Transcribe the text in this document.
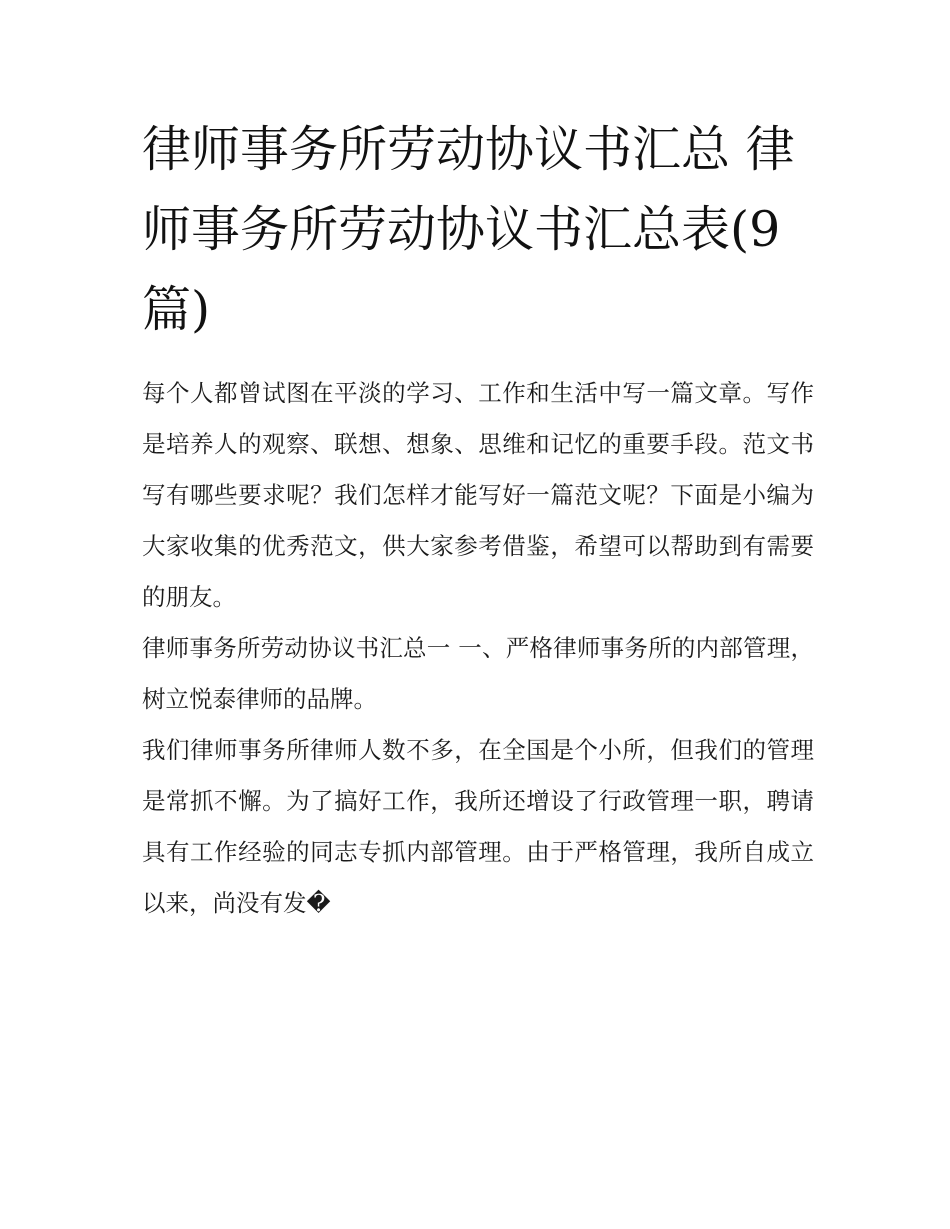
律师事务所劳动协议书汇总 律师事务所劳动协议书汇总表(9篇)

每个人都曾试图在平淡的学习、工作和生活中写一篇文章。写作是培养人的观察、联想、想象、思维和记忆的重要手段。范文书写有哪些要求呢？我们怎样才能写好一篇范文呢？下面是小编为大家收集的优秀范文，供大家参考借鉴，希望可以帮助到有需要的朋友。

律师事务所劳动协议书汇总一 一、严格律师事务所的内部管理，树立悦泰律师的品牌。

我们律师事务所律师人数不多，在全国是个小所，但我们的管理是常抓不懈。为了搞好工作，我所还增设了行政管理一职，聘请具有工作经验的同志专抓内部管理。由于严格管理，我所自成立以来，尚没有发�
